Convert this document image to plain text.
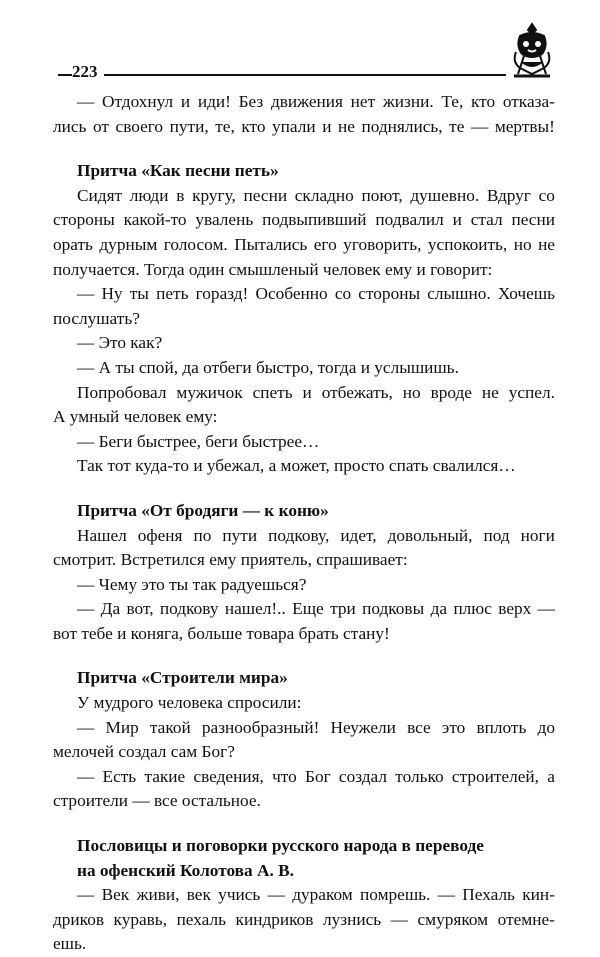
223
— Отдохнул и иди! Без движения нет жизни. Те, кто отказа-
лись от своего пути, те, кто упали и не поднялись, те — мертвы!
Притча «Как песни петь»
Сидят люди в кругу, песни складно поют, душевно. Вдруг со
стороны какой-то увалень подвыпивший подвалил и стал песни
орать дурным голосом. Пытались его уговорить, успокоить, но не
получается. Тогда один смышленый человек ему и говорит:
— Ну ты петь горазд! Особенно со стороны слышно. Хочешь
послушать?
— Это как?
— А ты спой, да отбеги быстро, тогда и услышишь.
Попробовал мужичок спеть и отбежать, но вроде не успел.
А умный человек ему:
— Беги быстрее, беги быстрее…
Так тот куда-то и убежал, а может, просто спать свалился…
Притча «От бродяги — к коню»
Нашел офеня по пути подкову, идет, довольный, под ноги
смотрит. Встретился ему приятель, спрашивает:
— Чему это ты так радуешься?
— Да вот, подкову нашел!.. Еще три подковы да плюс верх —
вот тебе и коняга, больше товара брать стану!
Притча «Строители мира»
У мудрого человека спросили:
— Мир такой разнообразный! Неужели все это вплоть до
мелочей создал сам Бог?
— Есть такие сведения, что Бог создал только строителей, а
строители — все остальное.
Пословицы и поговорки русского народа в переводе
на офенский Колотова А. В.
— Век живи, век учись — дураком помрешь. — Пехаль кин-
дриков куравь, пехаль киндриков лузнись — смуряком отемне-
ешь.
